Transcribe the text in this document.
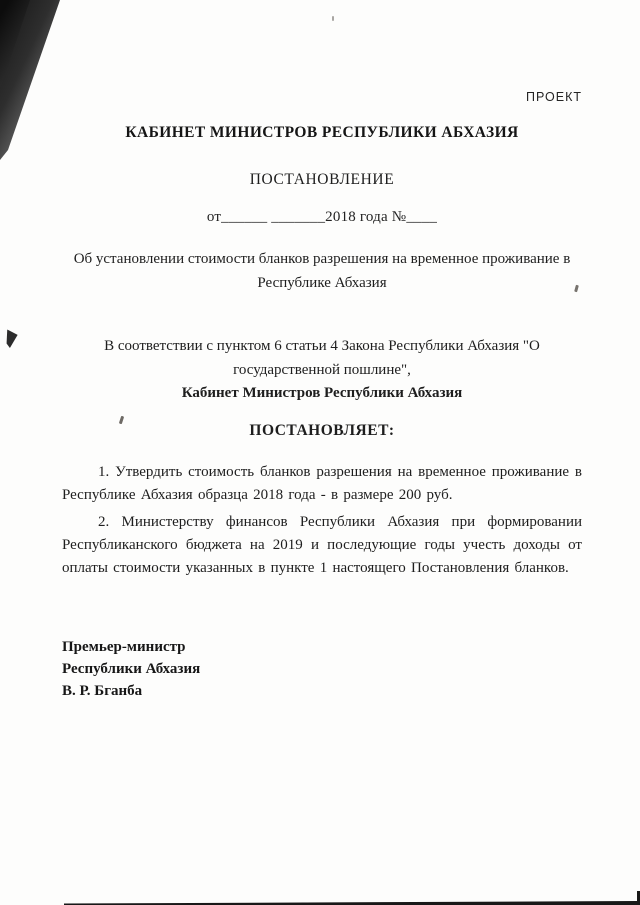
ПРОЕКТ
КАБИНЕТ МИНИСТРОВ РЕСПУБЛИКИ АБХАЗИЯ
ПОСТАНОВЛЕНИЕ
от______ _______2018 года №____
Об установлении стоимости бланков разрешения на временное проживание в Республике Абхазия
В соответствии с пунктом 6 статьи 4 Закона Республики Абхазия "О государственной пошлине",
Кабинет Министров Республики Абхазия
ПОСТАНОВЛЯЕТ:

1. Утвердить стоимость бланков разрешения на временное проживание в Республике Абхазия образца 2018 года - в размере 200 руб.

2. Министерству финансов Республики Абхазия при формировании Республиканского бюджета на 2019 и последующие годы учесть доходы от оплаты стоимости указанных в пункте 1 настоящего Постановления бланков.

Премьер-министр
Республики Абхазия
В. Р. Бганба
